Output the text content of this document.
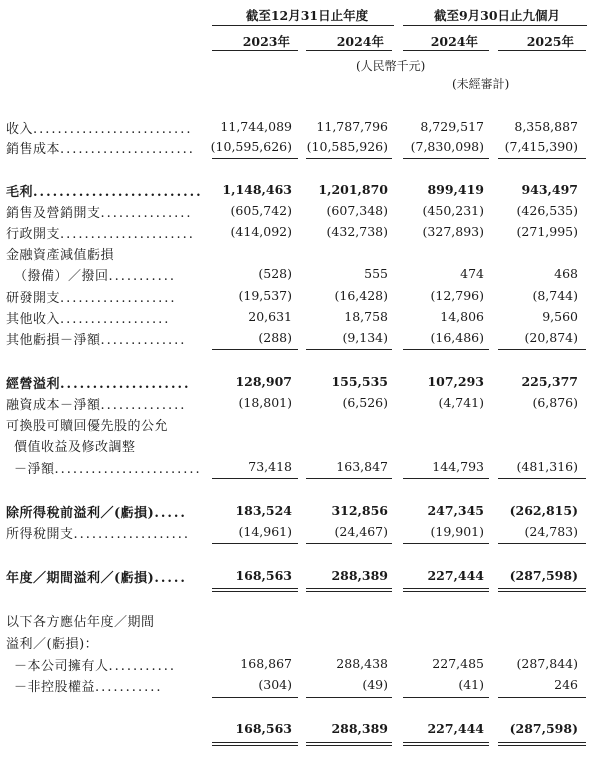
截至12月31日止年度	截至9月30日止九個月
2023年	2024年	2024年	2025年
(人民幣千元)
(未經審計)
收入..........................	11,744,089	11,787,796	8,729,517	8,358,887
銷售成本......................	(10,595,626)	(10,585,926)	(7,830,098)	(7,415,390)
毛利..........................	1,148,463	1,201,870	899,419	943,497
銷售及營銷開支...............	(605,742)	(607,348)	(450,231)	(426,535)
行政開支......................	(414,092)	(432,738)	(327,893)	(271,995)
金融資產減值虧損
（撥備）／撥回...........	(528)	555	474	468
研發開支...................	(19,537)	(16,428)	(12,796)	(8,744)
其他收入..................	20,631	18,758	14,806	9,560
其他虧損－淨額..............	(288)	(9,134)	(16,486)	(20,874)
經營溢利....................	128,907	155,535	107,293	225,377
融資成本－淨額..............	(18,801)	(6,526)	(4,741)	(6,876)
可換股可贖回優先股的公允
價值收益及修改調整
－淨額........................	73,418	163,847	144,793	(481,316)
除所得稅前溢利／(虧損).....	183,524	312,856	247,345	(262,815)
所得稅開支...................	(14,961)	(24,467)	(19,901)	(24,783)
年度／期間溢利／(虧損).....	168,563	288,389	227,444	(287,598)
以下各方應佔年度／期間
溢利／(虧損)：
－本公司擁有人...........	168,867	288,438	227,485	(287,844)
－非控股權益...........	(304)	(49)	(41)	246
168,563	288,389	227,444	(287,598)
